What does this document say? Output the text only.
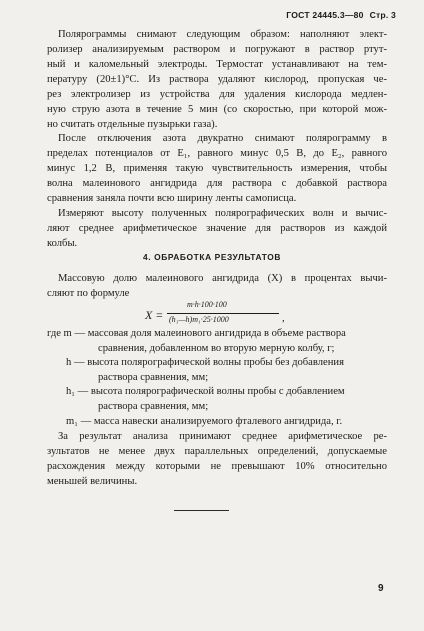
ГОСТ 24445.3—80 Стр. 3
Полярограммы снимают следующим образом: наполняют элект-
ролизер анализируемым раствором и погружают в раствор ртут-
ный и каломельный электроды. Термостат устанавливают на тем-
пературу (20±1)°С. Из раствора удаляют кислород, пропуская че-
рез электролизер из устройства для удаления кислорода медлен-
ную струю азота в течение 5 мин (со скоростью, при которой мож-
но считать отдельные пузырьки газа).
После отключения азота двукратно снимают полярограмму в
пределах потенциалов от E₁, равного минус 0,5 В, до E₂, равного
минус 1,2 В, применяя такую чувствительность измерения, чтобы
волна малеинового ангидрида для раствора с добавкой раствора
сравнения заняла почти всю ширину ленты самописца.
Измеряют высоту полученных полярографических волн и вычис-
ляют среднее арифметическое значение для растворов из каждой
колбы.
4. ОБРАБОТКА РЕЗУЛЬТАТОВ
Массовую долю малеинового ангидрида (X) в процентах вычи-
сляют по формуле
X =
m·h·100·100
(h₁—h)m₁·25·1000	,
где m — массовая доля малеинового ангидрида в объеме раствора
сравнения, добавленном во вторую мерную колбу, г;
h — высота полярографической волны пробы без добавления
раствора сравнения, мм;
h₁ — высота полярографической волны пробы с добавлением
раствора сравнения, мм;
m₁ — масса навески анализируемого фталевого ангидрида, г.
За результат анализа принимают среднее арифметическое ре-
зультатов не менее двух параллельных определений, допускаемые
расхождения между которыми не превышают 10% относительно
меньшей величины.
9
